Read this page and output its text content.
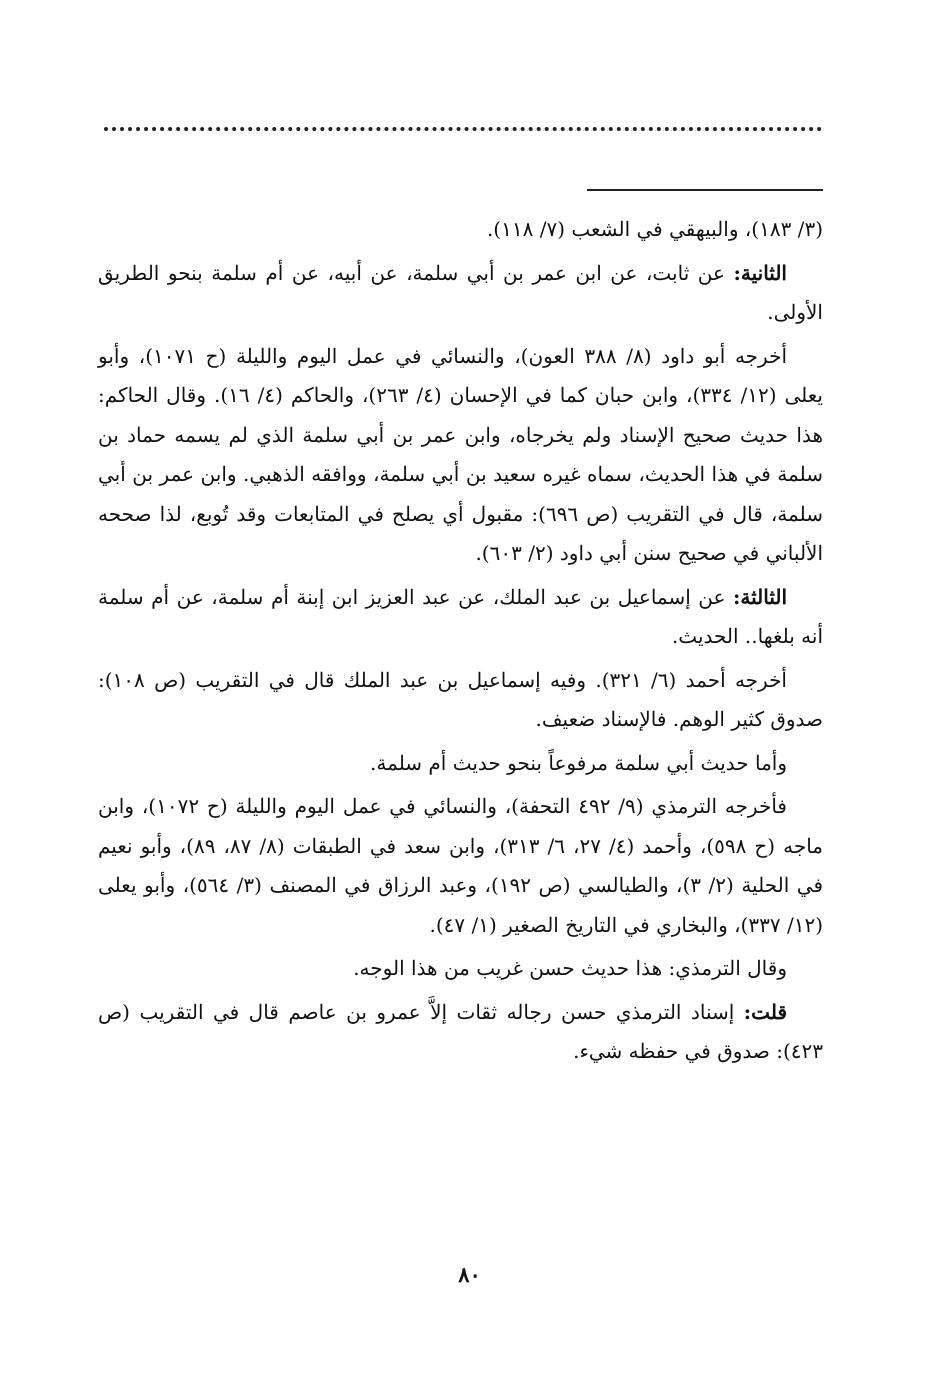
(٣/ ١٨٣)، والبيهقي في الشعب (٧/ ١١٨).

الثانية: عن ثابت، عن ابن عمر بن أبي سلمة، عن أبيه، عن أم سلمة بنحو الطريق الأولى.

أخرجه أبو داود (٨/ ٣٨٨ العون)، والنسائي في عمل اليوم والليلة (ح ١٠٧١)، وأبو يعلى (١٢/ ٣٣٤)، وابن حبان كما في الإحسان (٤/ ٢٦٣)، والحاكم (٤/ ١٦). وقال الحاكم: هذا حديث صحيح الإسناد ولم يخرجاه، وابن عمر بن أبي سلمة الذي لم يسمه حماد بن سلمة في هذا الحديث، سماه غيره سعيد بن أبي سلمة، ووافقه الذهبي. وابن عمر بن أبي سلمة، قال في التقريب (ص ٦٩٦): مقبول أي يصلح في المتابعات وقد تُوبع، لذا صححه الألباني في صحيح سنن أبي داود (٢/ ٦٠٣).

الثالثة: عن إسماعيل بن عبد الملك، عن عبد العزيز ابن إبنة أم سلمة، عن أم سلمة أنه بلغها.. الحديث.

أخرجه أحمد (٦/ ٣٢١). وفيه إسماعيل بن عبد الملك قال في التقريب (ص ١٠٨): صدوق كثير الوهم. فالإسناد ضعيف.

وأما حديث أبي سلمة مرفوعاً بنحو حديث أم سلمة.

فأخرجه الترمذي (٩/ ٤٩٢ التحفة)، والنسائي في عمل اليوم والليلة (ح ١٠٧٢)، وابن ماجه (ح ٥٩٨)، وأحمد (٤/ ٢٧، ٦/ ٣١٣)، وابن سعد في الطبقات (٨/ ٨٧، ٨٩)، وأبو نعيم في الحلية (٢/ ٣)، والطيالسي (ص ١٩٢)، وعبد الرزاق في المصنف (٣/ ٥٦٤)، وأبو يعلى (١٢/ ٣٣٧)، والبخاري في التاريخ الصغير (١/ ٤٧).

وقال الترمذي: هذا حديث حسن غريب من هذا الوجه.

قلت: إسناد الترمذي حسن رجاله ثقات إلاَّ عمرو بن عاصم قال في التقريب (ص ٤٢٣): صدوق في حفظه شيء.

٨٠
